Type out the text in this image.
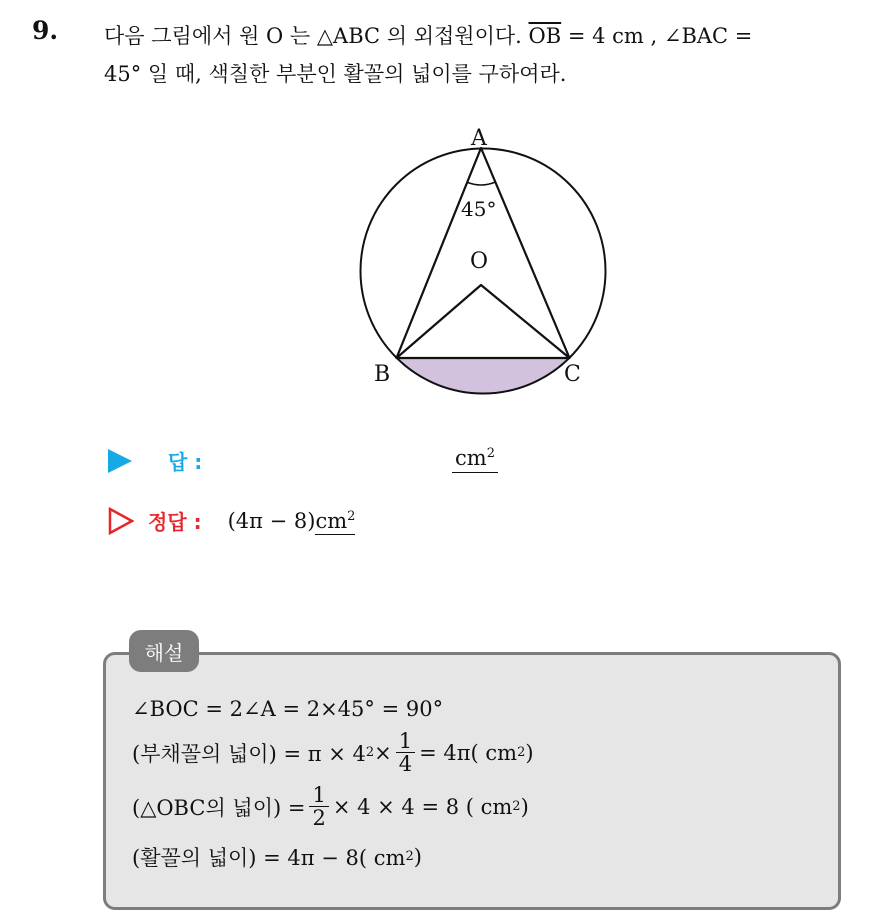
9. 다음 그림에서 원 O 는 △ABC 의 외접원이다. $\overline{OB} = 4$ cm , ∠BAC =
45° 일 때, 색칠한 부분인 활꼴의 넓이를 구하여라.
A
O
B	C
45°
답 :	$cm^2$
정답 : $(4\pi - 8)cm^2$
해설
∠BOC = 2∠A = 2×45° = 90°
(부채꼴의 넓이) = π × 4 $2 \times \frac{1}{4} = 4\pi$( cm 2 )
(△OBC의 넓이) = $\frac{1}{2} \times 4 \times 4 = 8$ ( cm 2 )
(활꼴의 넓이) = 4π − 8( cm 2 )
